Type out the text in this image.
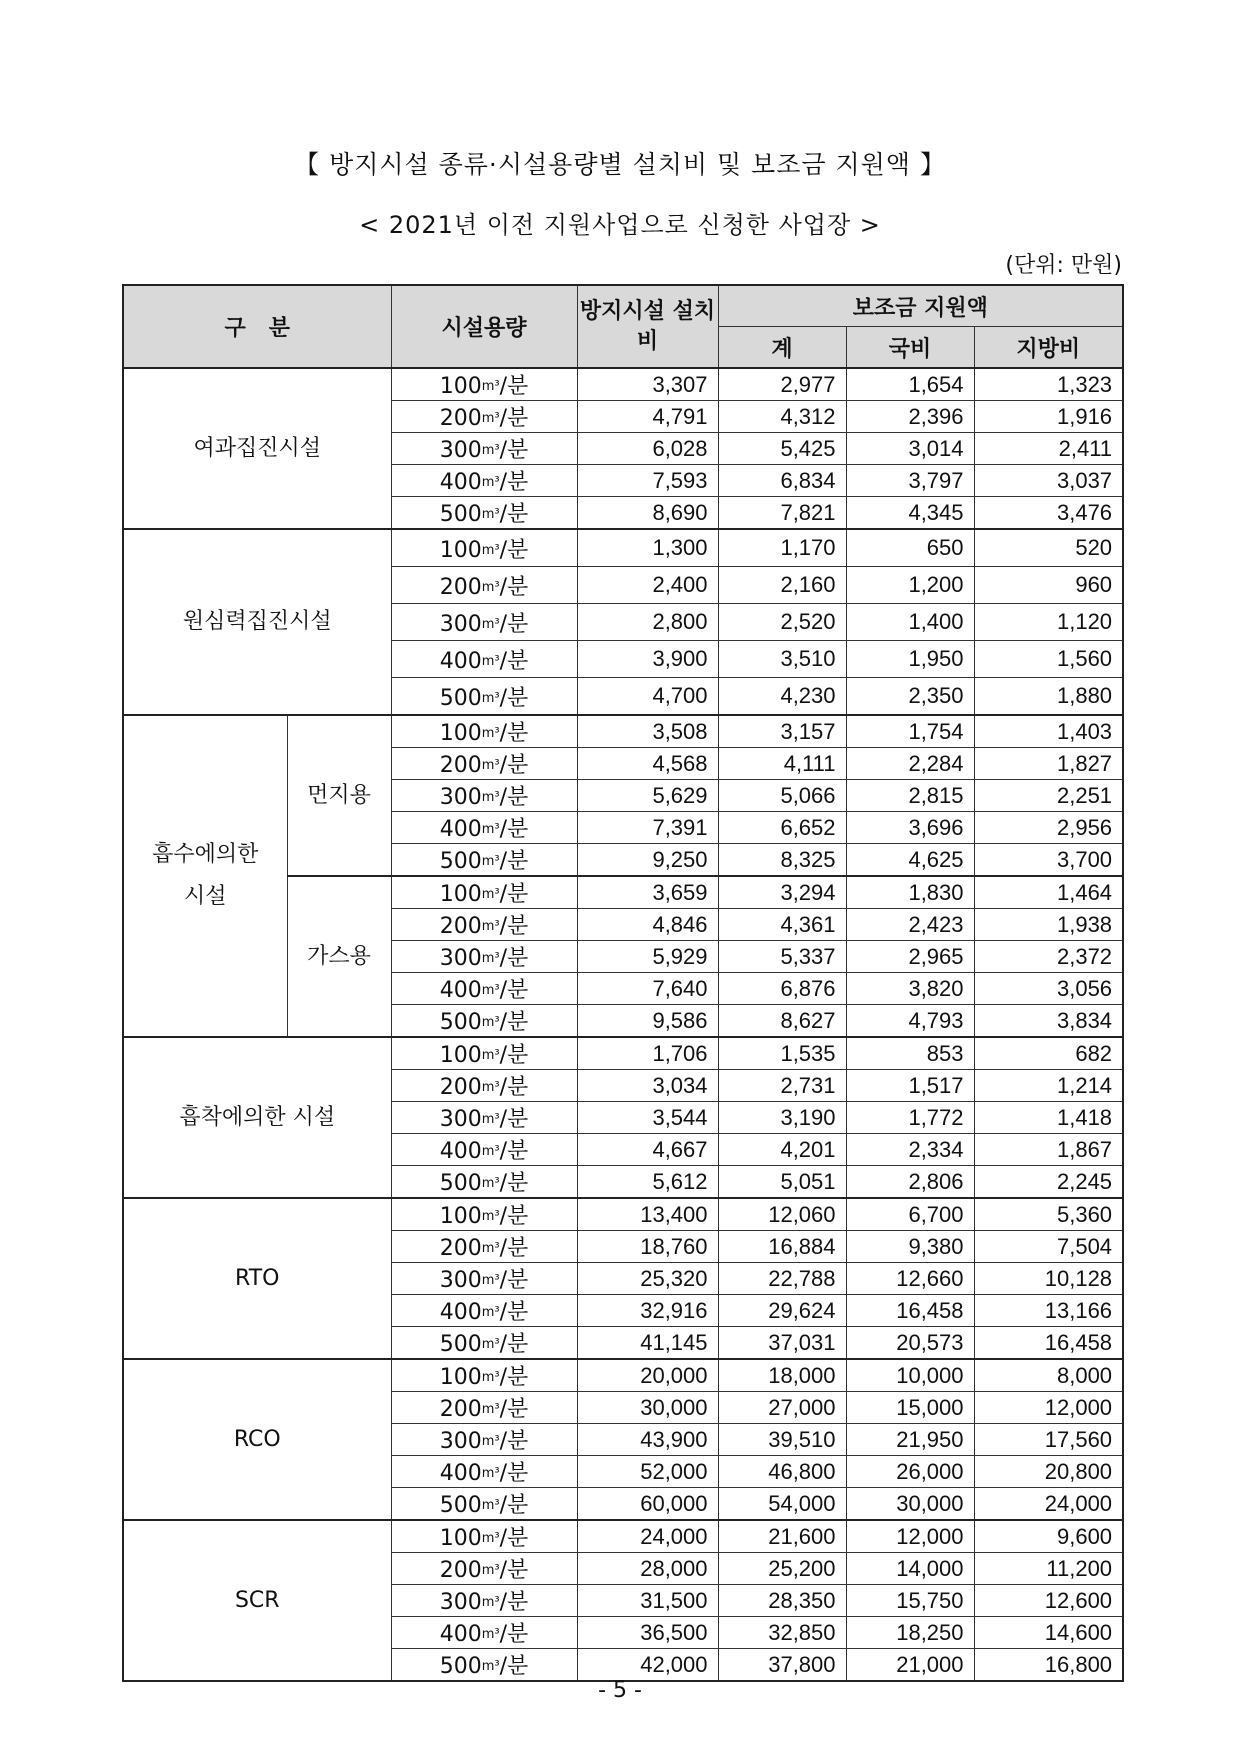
【 방지시설 종류·시설용량별 설치비 및 보조금 지원액 】
< 2021년 이전 지원사업으로 신청한 사업장 >
(단위: 만원)
구   분		시설용량	방지시설 설치비	보조금 지원액		
				계	국비	지방비
여과집진시설		100m³/분	3,307	2,977	1,654	1,323
		200m³/분	4,791	4,312	2,396	1,916
		300m³/분	6,028	5,425	3,014	2,411
		400m³/분	7,593	6,834	3,797	3,037
		500m³/분	8,690	7,821	4,345	3,476
원심력집진시설		100m³/분	1,300	1,170	650	520
		200m³/분	2,400	2,160	1,200	960
		300m³/분	2,800	2,520	1,400	1,120
		400m³/분	3,900	3,510	1,950	1,560
		500m³/분	4,700	4,230	2,350	1,880

흡수에의한 시설	먼지용	100m³/분	3,508	3,157	1,754	1,403
		200m³/분	4,568	4,111	2,284	1,827
		300m³/분	5,629	5,066	2,815	2,251
		400m³/분	7,391	6,652	3,696	2,956
		500m³/분	9,250	8,325	4,625	3,700
	가스용	100m³/분	3,659	3,294	1,830	1,464
		200m³/분	4,846	4,361	2,423	1,938
		300m³/분	5,929	5,337	2,965	2,372
		400m³/분	7,640	6,876	3,820	3,056
		500m³/분	9,586	8,627	4,793	3,834
흡착에의한 시설		100m³/분	1,706	1,535	853	682
		200m³/분	3,034	2,731	1,517	1,214
		300m³/분	3,544	3,190	1,772	1,418
		400m³/분	4,667	4,201	2,334	1,867
		500m³/분	5,612	5,051	2,806	2,245
RTO		100m³/분	13,400	12,060	6,700	5,360
		200m³/분	18,760	16,884	9,380	7,504
		300m³/분	25,320	22,788	12,660	10,128
		400m³/분	32,916	29,624	16,458	13,166
		500m³/분	41,145	37,031	20,573	16,458
RCO		100m³/분	20,000	18,000	10,000	8,000
		200m³/분	30,000	27,000	15,000	12,000
		300m³/분	43,900	39,510	21,950	17,560
		400m³/분	52,000	46,800	26,000	20,800
		500m³/분	60,000	54,000	30,000	24,000
SCR		100m³/분	24,000	21,600	12,000	9,600
		200m³/분	28,000	25,200	14,000	11,200
		300m³/분	31,500	28,350	15,750	12,600
		400m³/분	36,500	32,850	18,250	14,600
		500m³/분	42,000	37,800	21,000	16,800
- 5 -
